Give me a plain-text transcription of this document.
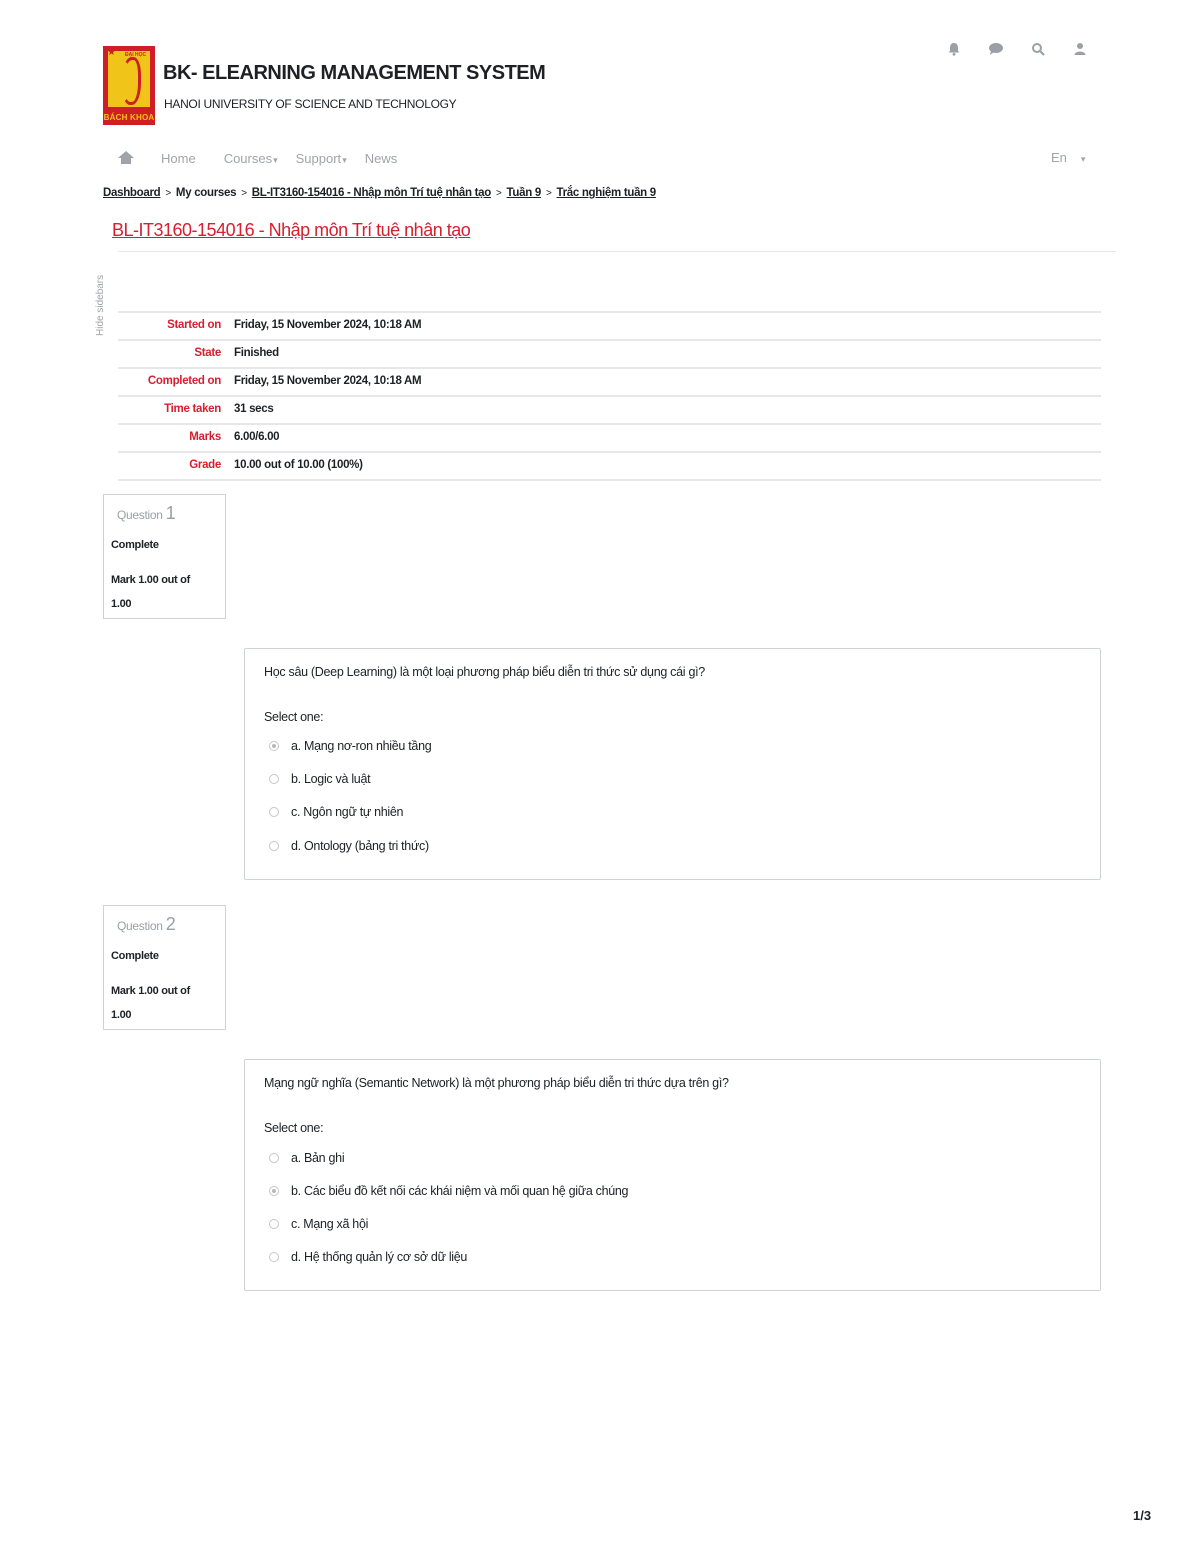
★ ĐẠI HỌC
BÁCH KHOA
BK- ELEARNING MANAGEMENT SYSTEM
HANOI UNIVERSITY OF SCIENCE AND TECHNOLOGY
Home Courses▾ Support▾ News	En ▾
Dashboard > My courses > BL-IT3160-154016 - Nhập môn Trí tuệ nhân tạo > Tuần 9 > Trắc nghiệm tuần 9
BL-IT3160-154016 - Nhập môn Trí tuệ nhân tạo
Hide sidebars	Started on Friday, 15 November 2024, 10:18 AM
State Finished
Completed on Friday, 15 November 2024, 10:18 AM
Time taken 31 secs
Marks 6.00/6.00
Grade 10.00 out of 10.00 (100%)
Question 1
Complete
Mark 1.00 out of 1.00
Học sâu (Deep Learning) là một loại phương pháp biểu diễn tri thức sử dụng cái gì?
Select one:
a. Mạng nơ-ron nhiều tầng
b. Logic và luật
c. Ngôn ngữ tự nhiên
d. Ontology (bảng tri thức)
Question 2
Complete
Mark 1.00 out of 1.00
Mạng ngữ nghĩa (Semantic Network) là một phương pháp biểu diễn tri thức dựa trên gì?
Select one:
a. Bản ghi
b. Các biểu đồ kết nối các khái niệm và mối quan hệ giữa chúng
c. Mạng xã hội
d. Hệ thống quản lý cơ sở dữ liệu
1/3
